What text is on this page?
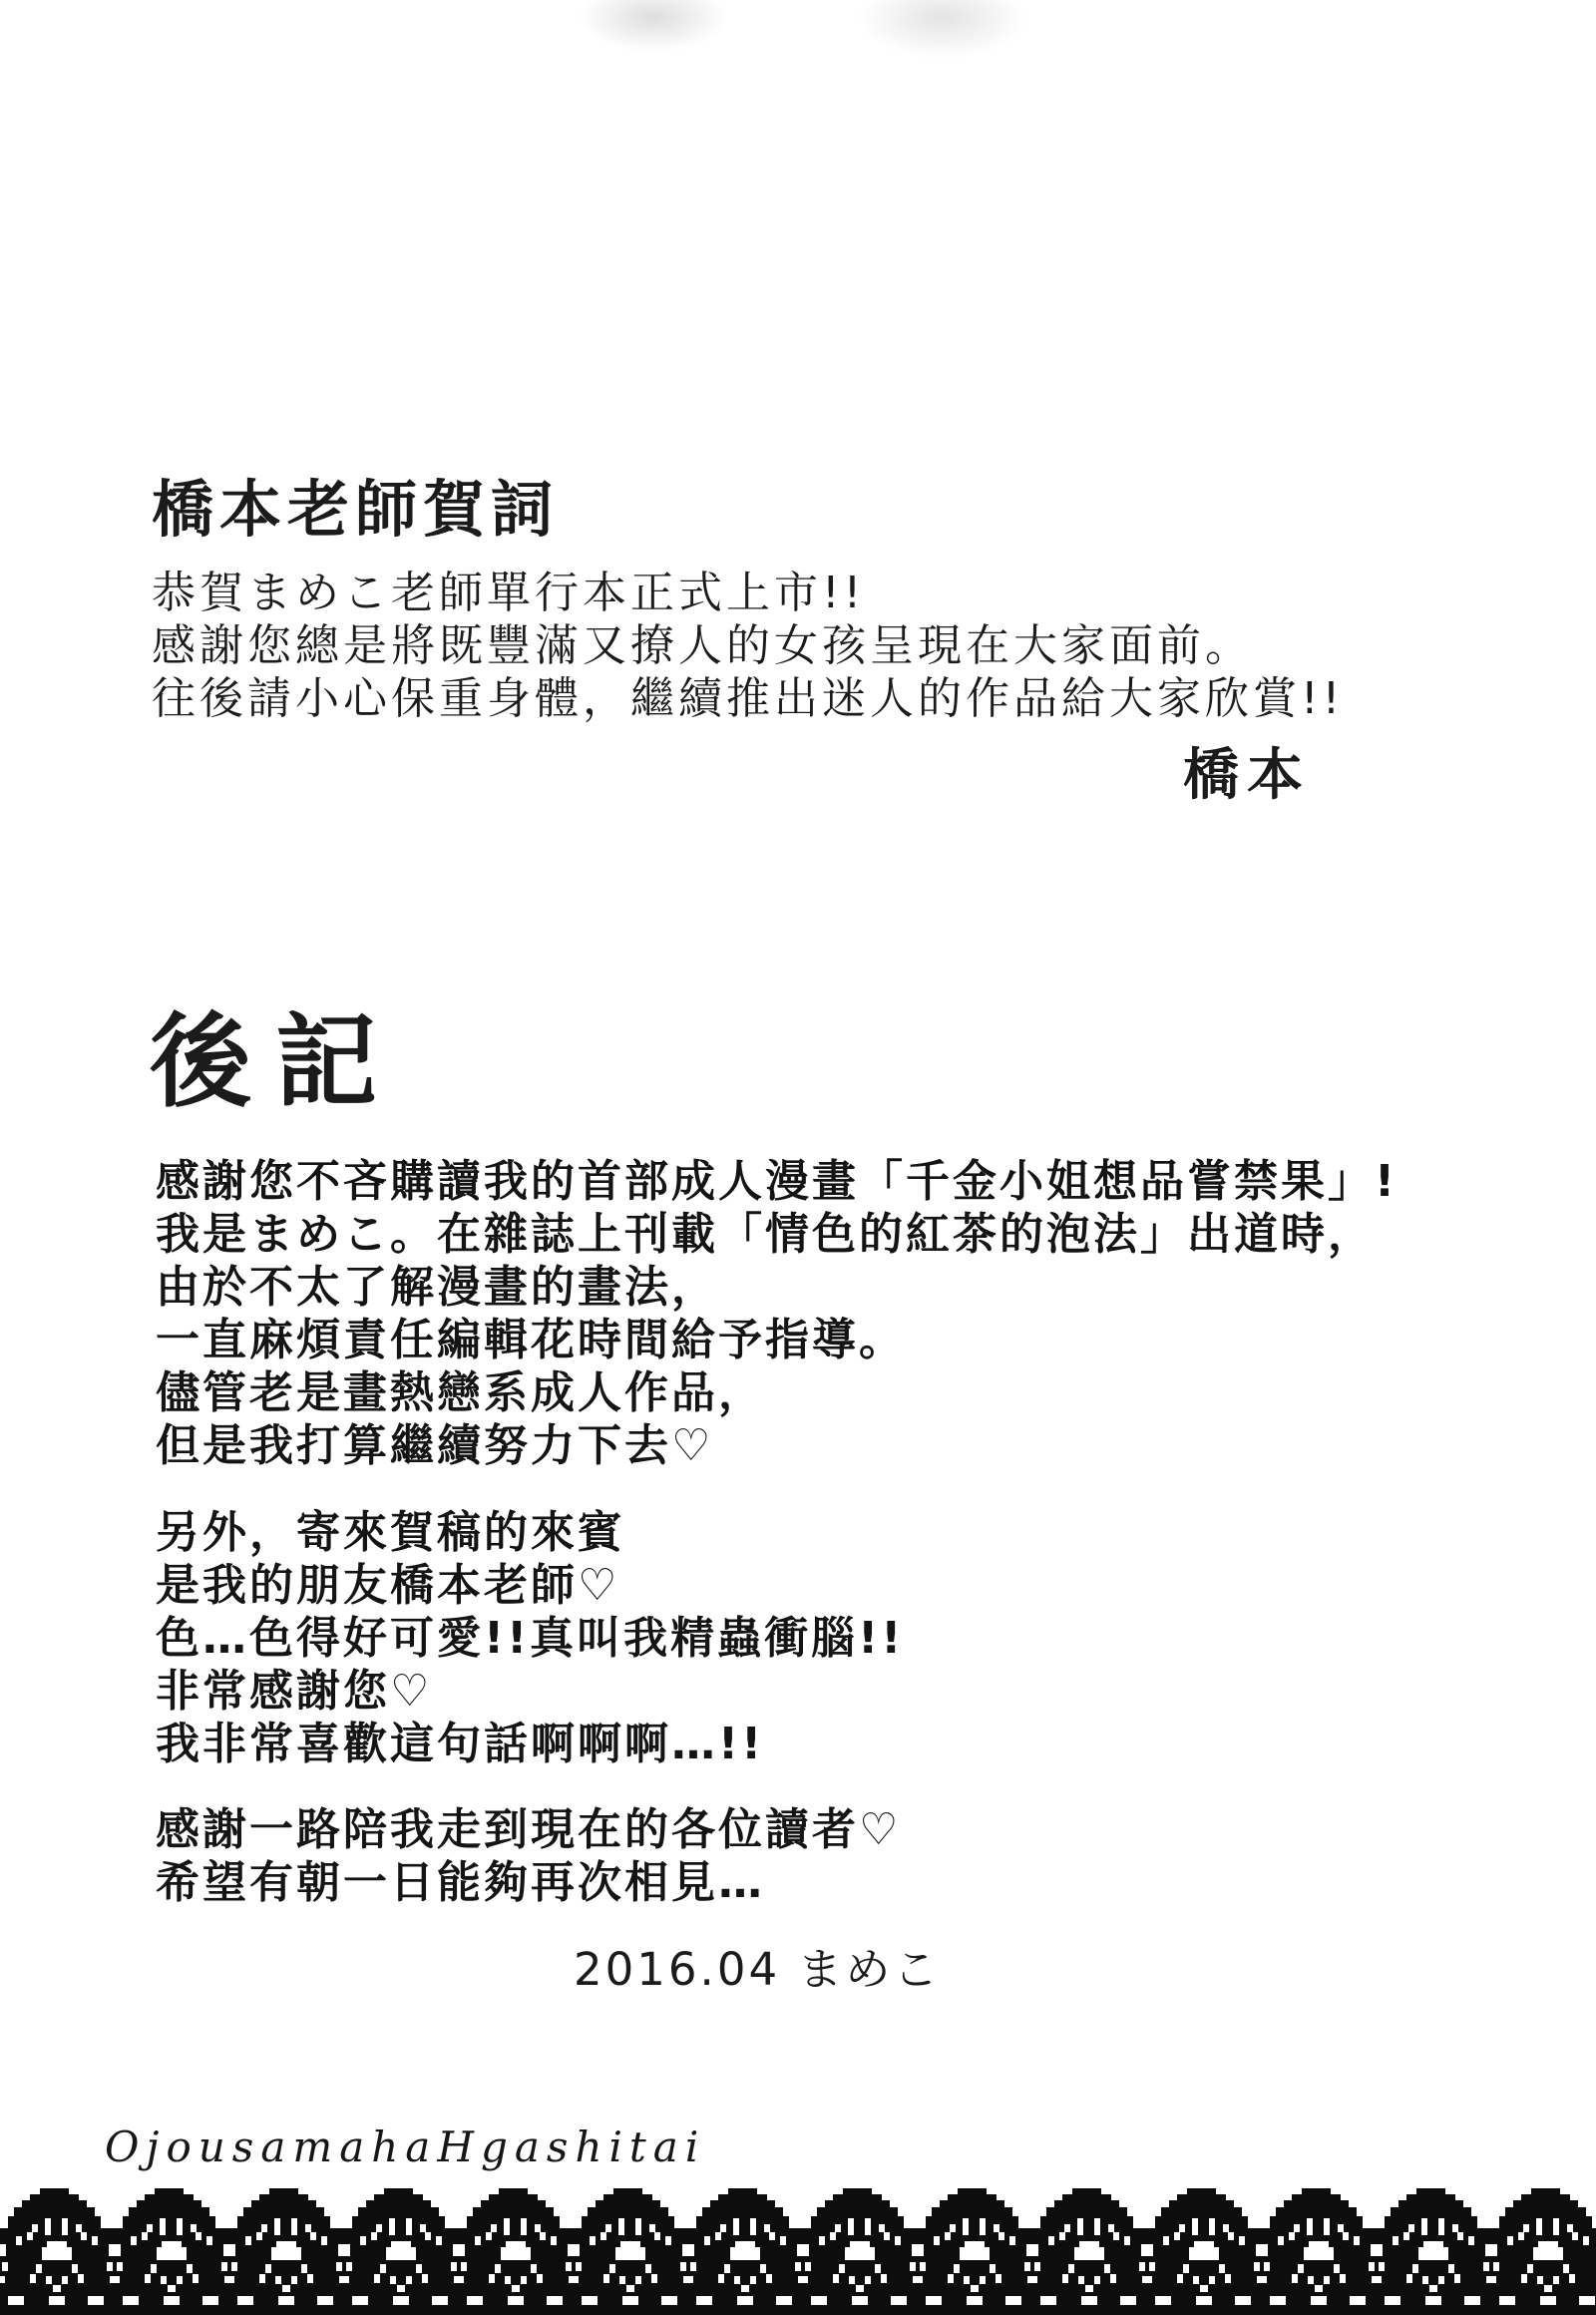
橋本老師賀詞
恭賀まめこ老師單行本正式上市!!
感謝您總是將既豐滿又撩人的女孩呈現在大家面前。
往後請小心保重身體，繼續推出迷人的作品給大家欣賞!!
橋本
後記
感謝您不吝購讀我的首部成人漫畫「千金小姐想品嘗禁果」!
我是まめこ。在雜誌上刊載「情色的紅茶的泡法」出道時，
由於不太了解漫畫的畫法，
一直麻煩責任編輯花時間給予指導。
儘管老是畫熱戀系成人作品，
但是我打算繼續努力下去♡
另外，寄來賀稿的來賓
是我的朋友橋本老師♡
色…色得好可愛!!真叫我精蟲衝腦!!
非常感謝您♡
我非常喜歡這句話啊啊啊…!!
感謝一路陪我走到現在的各位讀者♡
希望有朝一日能夠再次相見…
2016.04 まめこ
OjousamahaHgashitai
